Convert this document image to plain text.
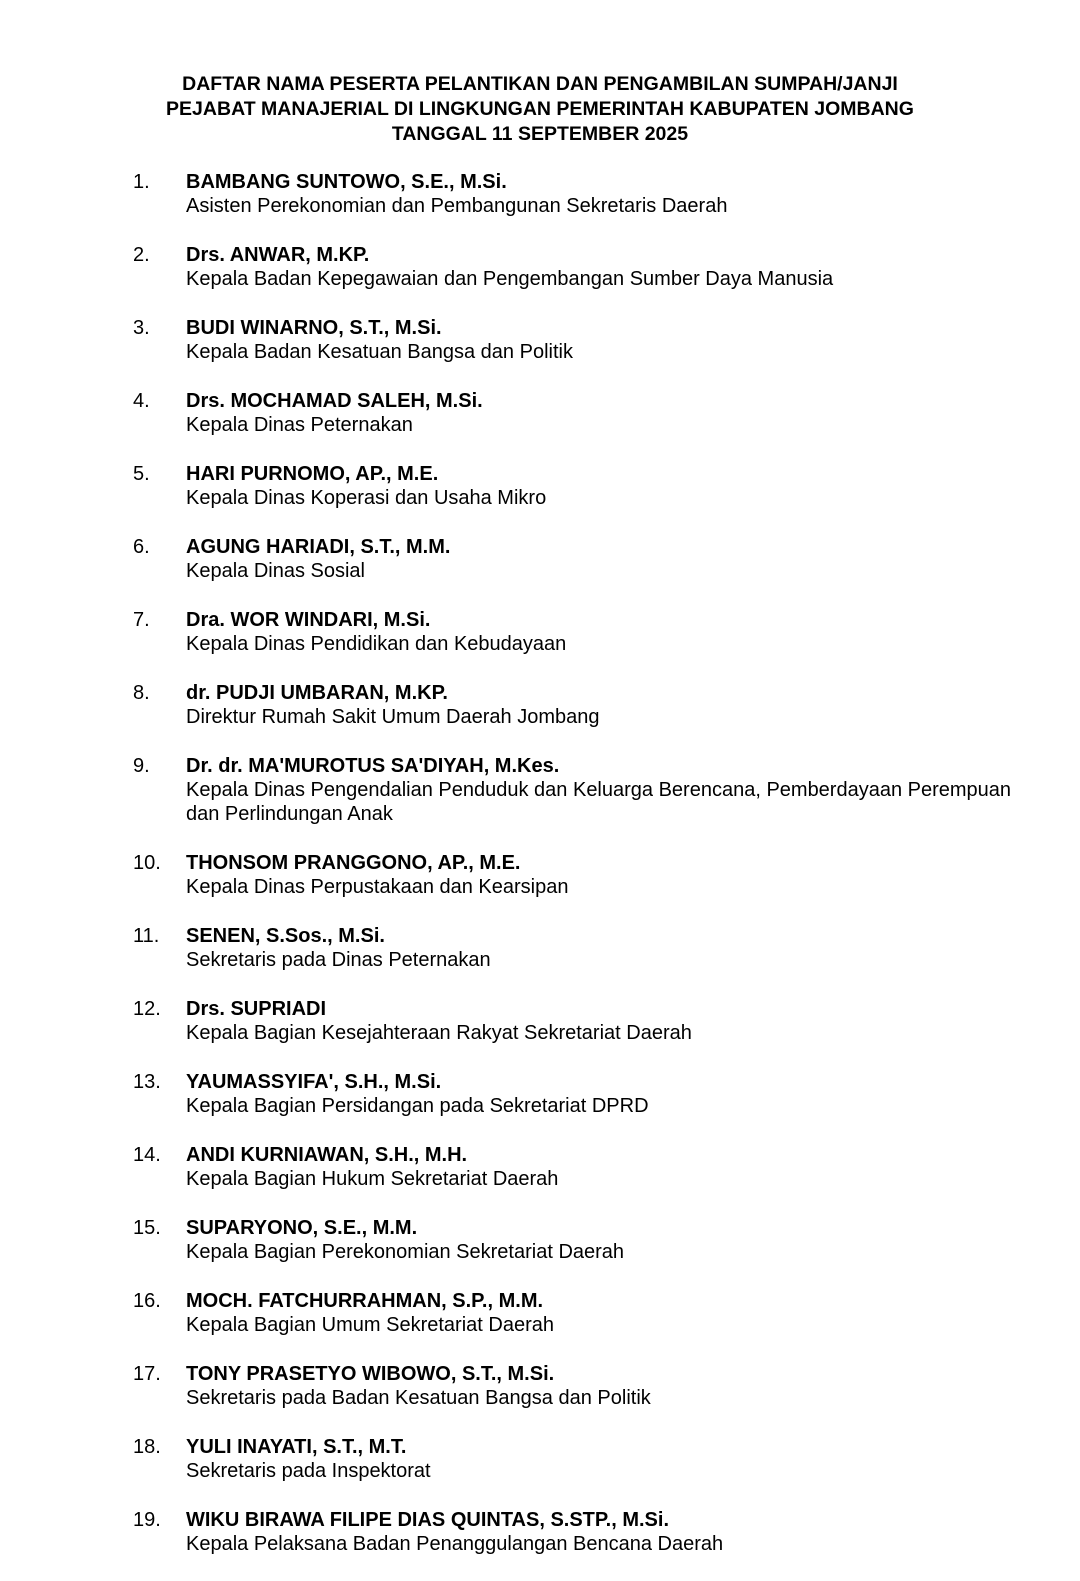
DAFTAR NAMA PESERTA PELANTIKAN DAN PENGAMBILAN SUMPAH/JANJI
PEJABAT MANAJERIAL DI LINGKUNGAN PEMERINTAH KABUPATEN JOMBANG
TANGGAL 11 SEPTEMBER 2025
1. BAMBANG SUNTOWO, S.E., M.Si.
Asisten Perekonomian dan Pembangunan Sekretaris Daerah
2. Drs. ANWAR, M.KP.
Kepala Badan Kepegawaian dan Pengembangan Sumber Daya Manusia
3. BUDI WINARNO, S.T., M.Si.
Kepala Badan Kesatuan Bangsa dan Politik
4. Drs. MOCHAMAD SALEH, M.Si.
Kepala Dinas Peternakan
5. HARI PURNOMO, AP., M.E.
Kepala Dinas Koperasi dan Usaha Mikro
6. AGUNG HARIADI, S.T., M.M.
Kepala Dinas Sosial
7. Dra. WOR WINDARI, M.Si.
Kepala Dinas Pendidikan dan Kebudayaan
8. dr. PUDJI UMBARAN, M.KP.
Direktur Rumah Sakit Umum Daerah Jombang
9. Dr. dr. MA'MUROTUS SA'DIYAH, M.Kes.
Kepala Dinas Pengendalian Penduduk dan Keluarga Berencana, Pemberdayaan Perempuan dan Perlindungan Anak
10. THONSOM PRANGGONO, AP., M.E.
Kepala Dinas Perpustakaan dan Kearsipan
11. SENEN, S.Sos., M.Si.
Sekretaris pada Dinas Peternakan
12. Drs. SUPRIADI
Kepala Bagian Kesejahteraan Rakyat Sekretariat Daerah
13. YAUMASSYIFA', S.H., M.Si.
Kepala Bagian Persidangan pada Sekretariat DPRD
14. ANDI KURNIAWAN, S.H., M.H.
Kepala Bagian Hukum Sekretariat Daerah
15. SUPARYONO, S.E., M.M.
Kepala Bagian Perekonomian Sekretariat Daerah
16. MOCH. FATCHURRAHMAN, S.P., M.M.
Kepala Bagian Umum Sekretariat Daerah
17. TONY PRASETYO WIBOWO, S.T., M.Si.
Sekretaris pada Badan Kesatuan Bangsa dan Politik
18. YULI INAYATI, S.T., M.T.
Sekretaris pada Inspektorat
19. WIKU BIRAWA FILIPE DIAS QUINTAS, S.STP., M.Si.
Kepala Pelaksana Badan Penanggulangan Bencana Daerah
